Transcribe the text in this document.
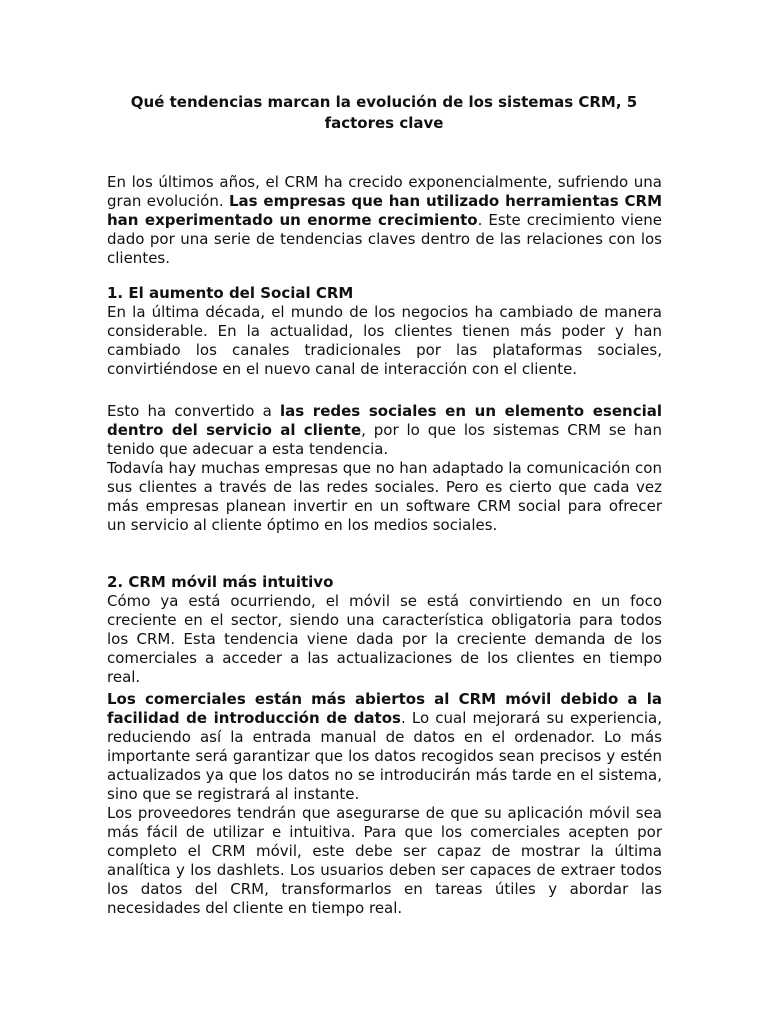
Qué tendencias marcan la evolución de los sistemas CRM, 5 factores clave

En los últimos años, el CRM ha crecido exponencialmente, sufriendo una gran evolución. Las empresas que han utilizado herramientas CRM han experimentado un enorme crecimiento. Este crecimiento viene dado por una serie de tendencias claves dentro de las relaciones con los clientes.

1. El aumento del Social CRM

En la última década, el mundo de los negocios ha cambiado de manera considerable. En la actualidad, los clientes tienen más poder y han cambiado los canales tradicionales por las plataformas sociales, convirtiéndose en el nuevo canal de interacción con el cliente.

Esto ha convertido a las redes sociales en un elemento esencial dentro del servicio al cliente, por lo que los sistemas CRM se han tenido que adecuar a esta tendencia.

Todavía hay muchas empresas que no han adaptado la comunicación con sus clientes a través de las redes sociales. Pero es cierto que cada vez más empresas planean invertir en un software CRM social para ofrecer un servicio al cliente óptimo en los medios sociales.

2. CRM móvil más intuitivo

Cómo ya está ocurriendo, el móvil se está convirtiendo en un foco creciente en el sector, siendo una característica obligatoria para todos los CRM. Esta tendencia viene dada por la creciente demanda de los comerciales a acceder a las actualizaciones de los clientes en tiempo real.

Los comerciales están más abiertos al CRM móvil debido a la facilidad de introducción de datos. Lo cual mejorará su experiencia, reduciendo así la entrada manual de datos en el ordenador. Lo más importante será garantizar que los datos recogidos sean precisos y estén actualizados ya que los datos no se introducirán más tarde en el sistema, sino que se registrará al instante.

Los proveedores tendrán que asegurarse de que su aplicación móvil sea más fácil de utilizar e intuitiva. Para que los comerciales acepten por completo el CRM móvil, este debe ser capaz de mostrar la última analítica y los dashlets. Los usuarios deben ser capaces de extraer todos los datos del CRM, transformarlos en tareas útiles y abordar las necesidades del cliente en tiempo real.
